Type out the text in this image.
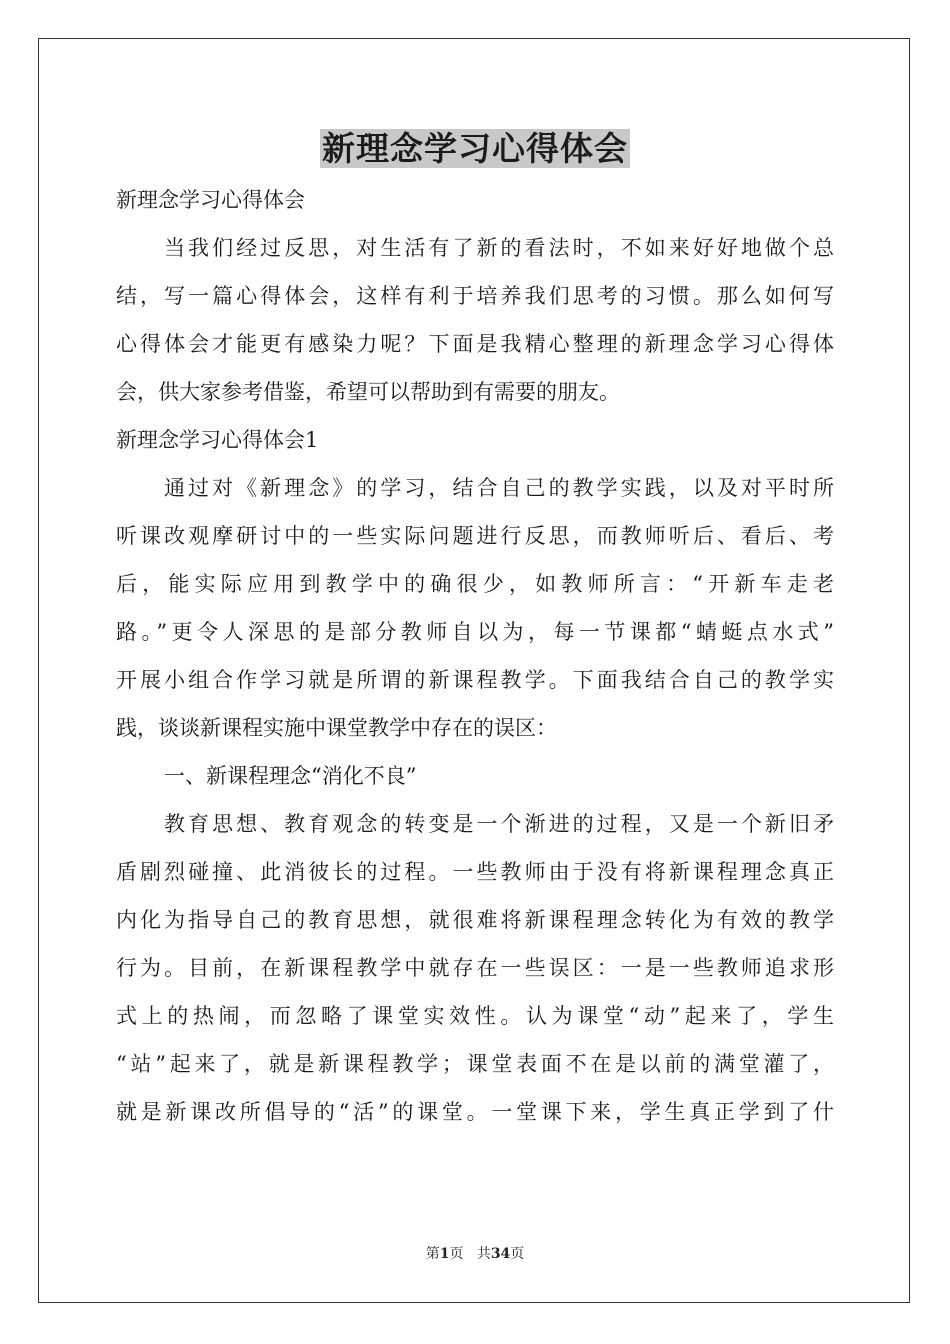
新理念学习心得体会
新理念学习心得体会
当我们经过反思，对生活有了新的看法时，不如来好好地做个总
结，写一篇心得体会，这样有利于培养我们思考的习惯。那么如何写
心得体会才能更有感染力呢？下面是我精心整理的新理念学习心得体
会，供大家参考借鉴，希望可以帮助到有需要的朋友。
新理念学习心得体会1
通过对《新理念》的学习，结合自己的教学实践，以及对平时所
听课改观摩研讨中的一些实际问题进行反思，而教师听后、看后、考
后，能实际应用到教学中的确很少，如教师所言：“开新车走老
路。”更令人深思的是部分教师自以为，每一节课都“蜻蜓点水式”
开展小组合作学习就是所谓的新课程教学。下面我结合自己的教学实
践，谈谈新课程实施中课堂教学中存在的误区：
一、新课程理念“消化不良”
教育思想、教育观念的转变是一个渐进的过程，又是一个新旧矛
盾剧烈碰撞、此消彼长的过程。一些教师由于没有将新课程理念真正
内化为指导自己的教育思想，就很难将新课程理念转化为有效的教学
行为。目前，在新课程教学中就存在一些误区：一是一些教师追求形
式上的热闹，而忽略了课堂实效性。认为课堂“动”起来了，学生
“站”起来了，就是新课程教学；课堂表面不在是以前的满堂灌了，
就是新课改所倡导的“活”的课堂。一堂课下来，学生真正学到了什
第1页 共34页
